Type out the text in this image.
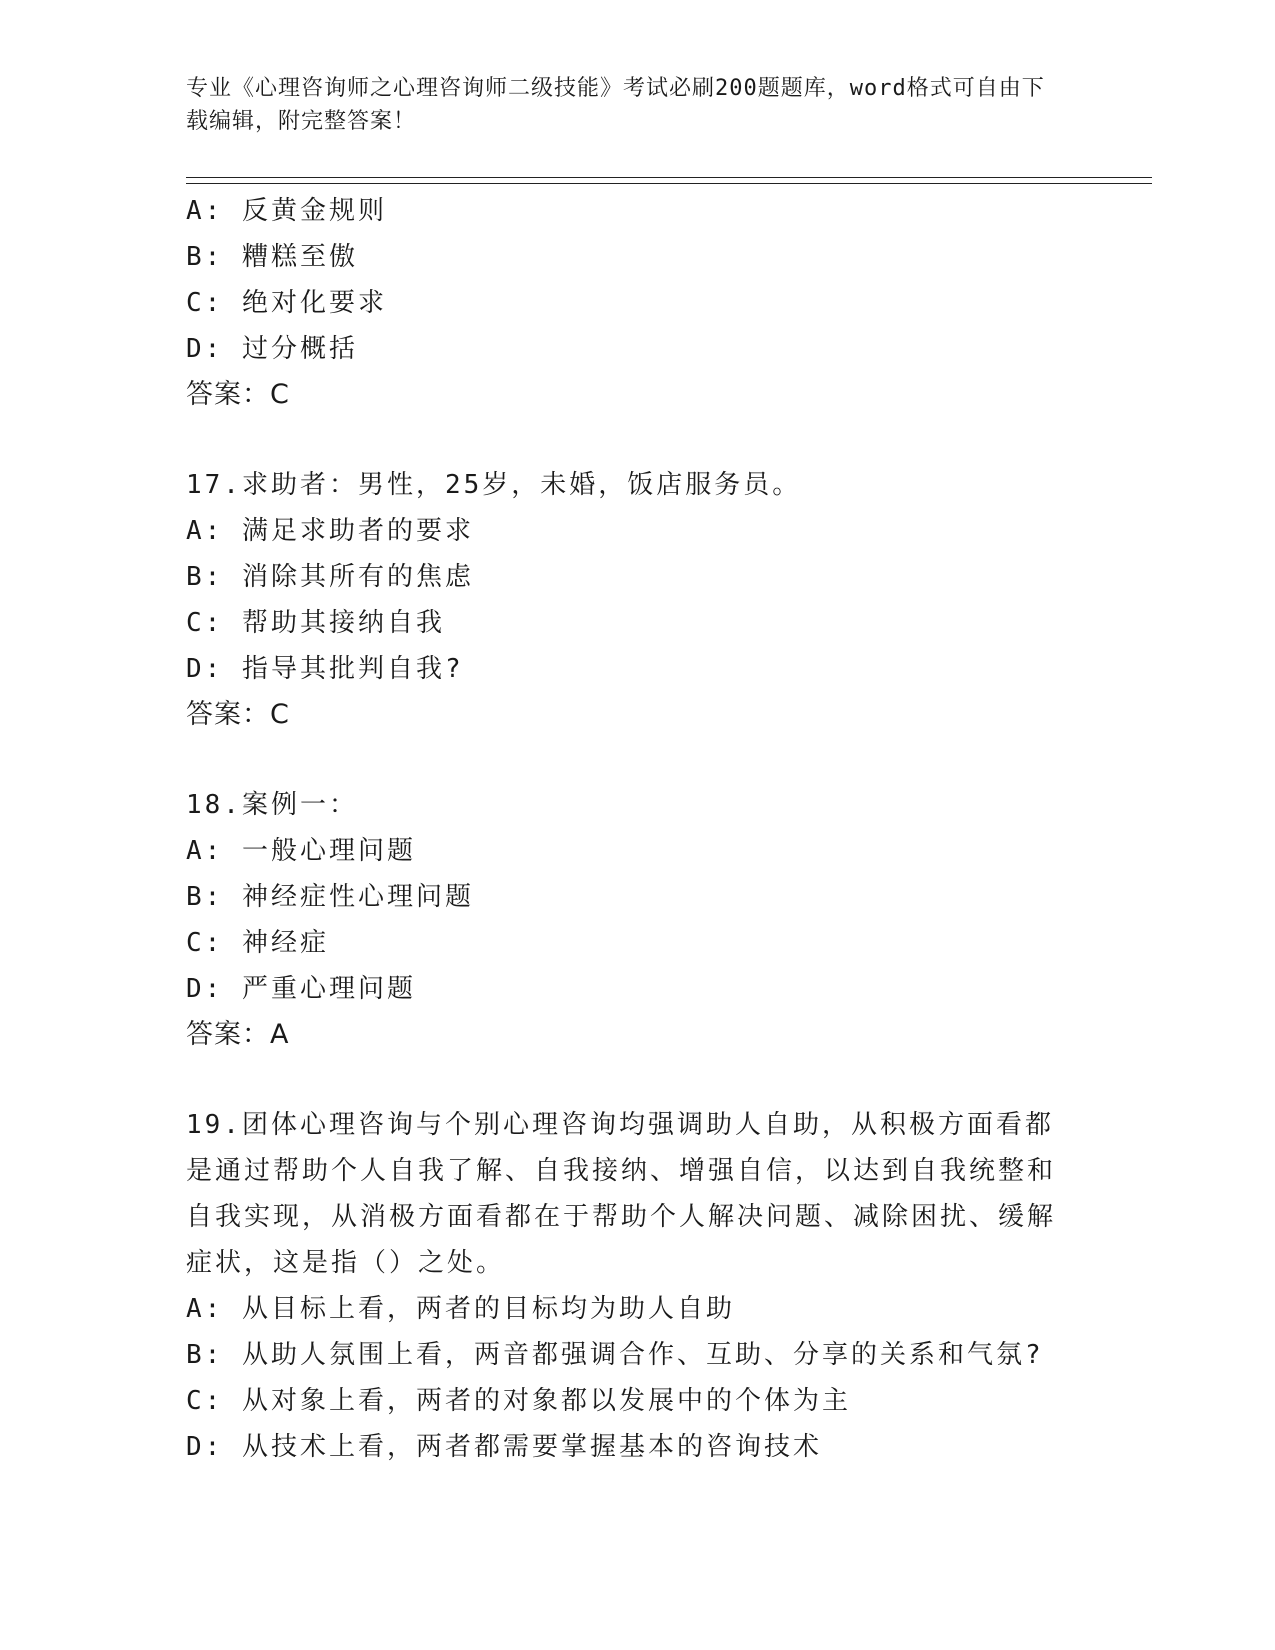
专业《心理咨询师之心理咨询师二级技能》考试必刷200题题库，word格式可自由下载编辑，附完整答案！
A: 反黄金规则
B: 糟糕至傲
C: 绝对化要求
D: 过分概括
答案：C
17.求助者：男性，25岁，未婚，饭店服务员。
A: 满足求助者的要求
B: 消除其所有的焦虑
C: 帮助其接纳自我
D: 指导其批判自我?
答案：C
18.案例一：
A: 一般心理问题
B: 神经症性心理问题
C: 神经症
D: 严重心理问题
答案：A
19.团体心理咨询与个别心理咨询均强调助人自助，从积极方面看都是通过帮助个人自我了解、自我接纳、增强自信，以达到自我统整和自我实现，从消极方面看都在于帮助个人解决问题、减除困扰、缓解症状，这是指（）之处。
A: 从目标上看，两者的目标均为助人自助
B: 从助人氛围上看，两音都强调合作、互助、分享的关系和气氛?
C: 从对象上看，两者的对象都以发展中的个体为主
D: 从技术上看，两者都需要掌握基本的咨询技术
